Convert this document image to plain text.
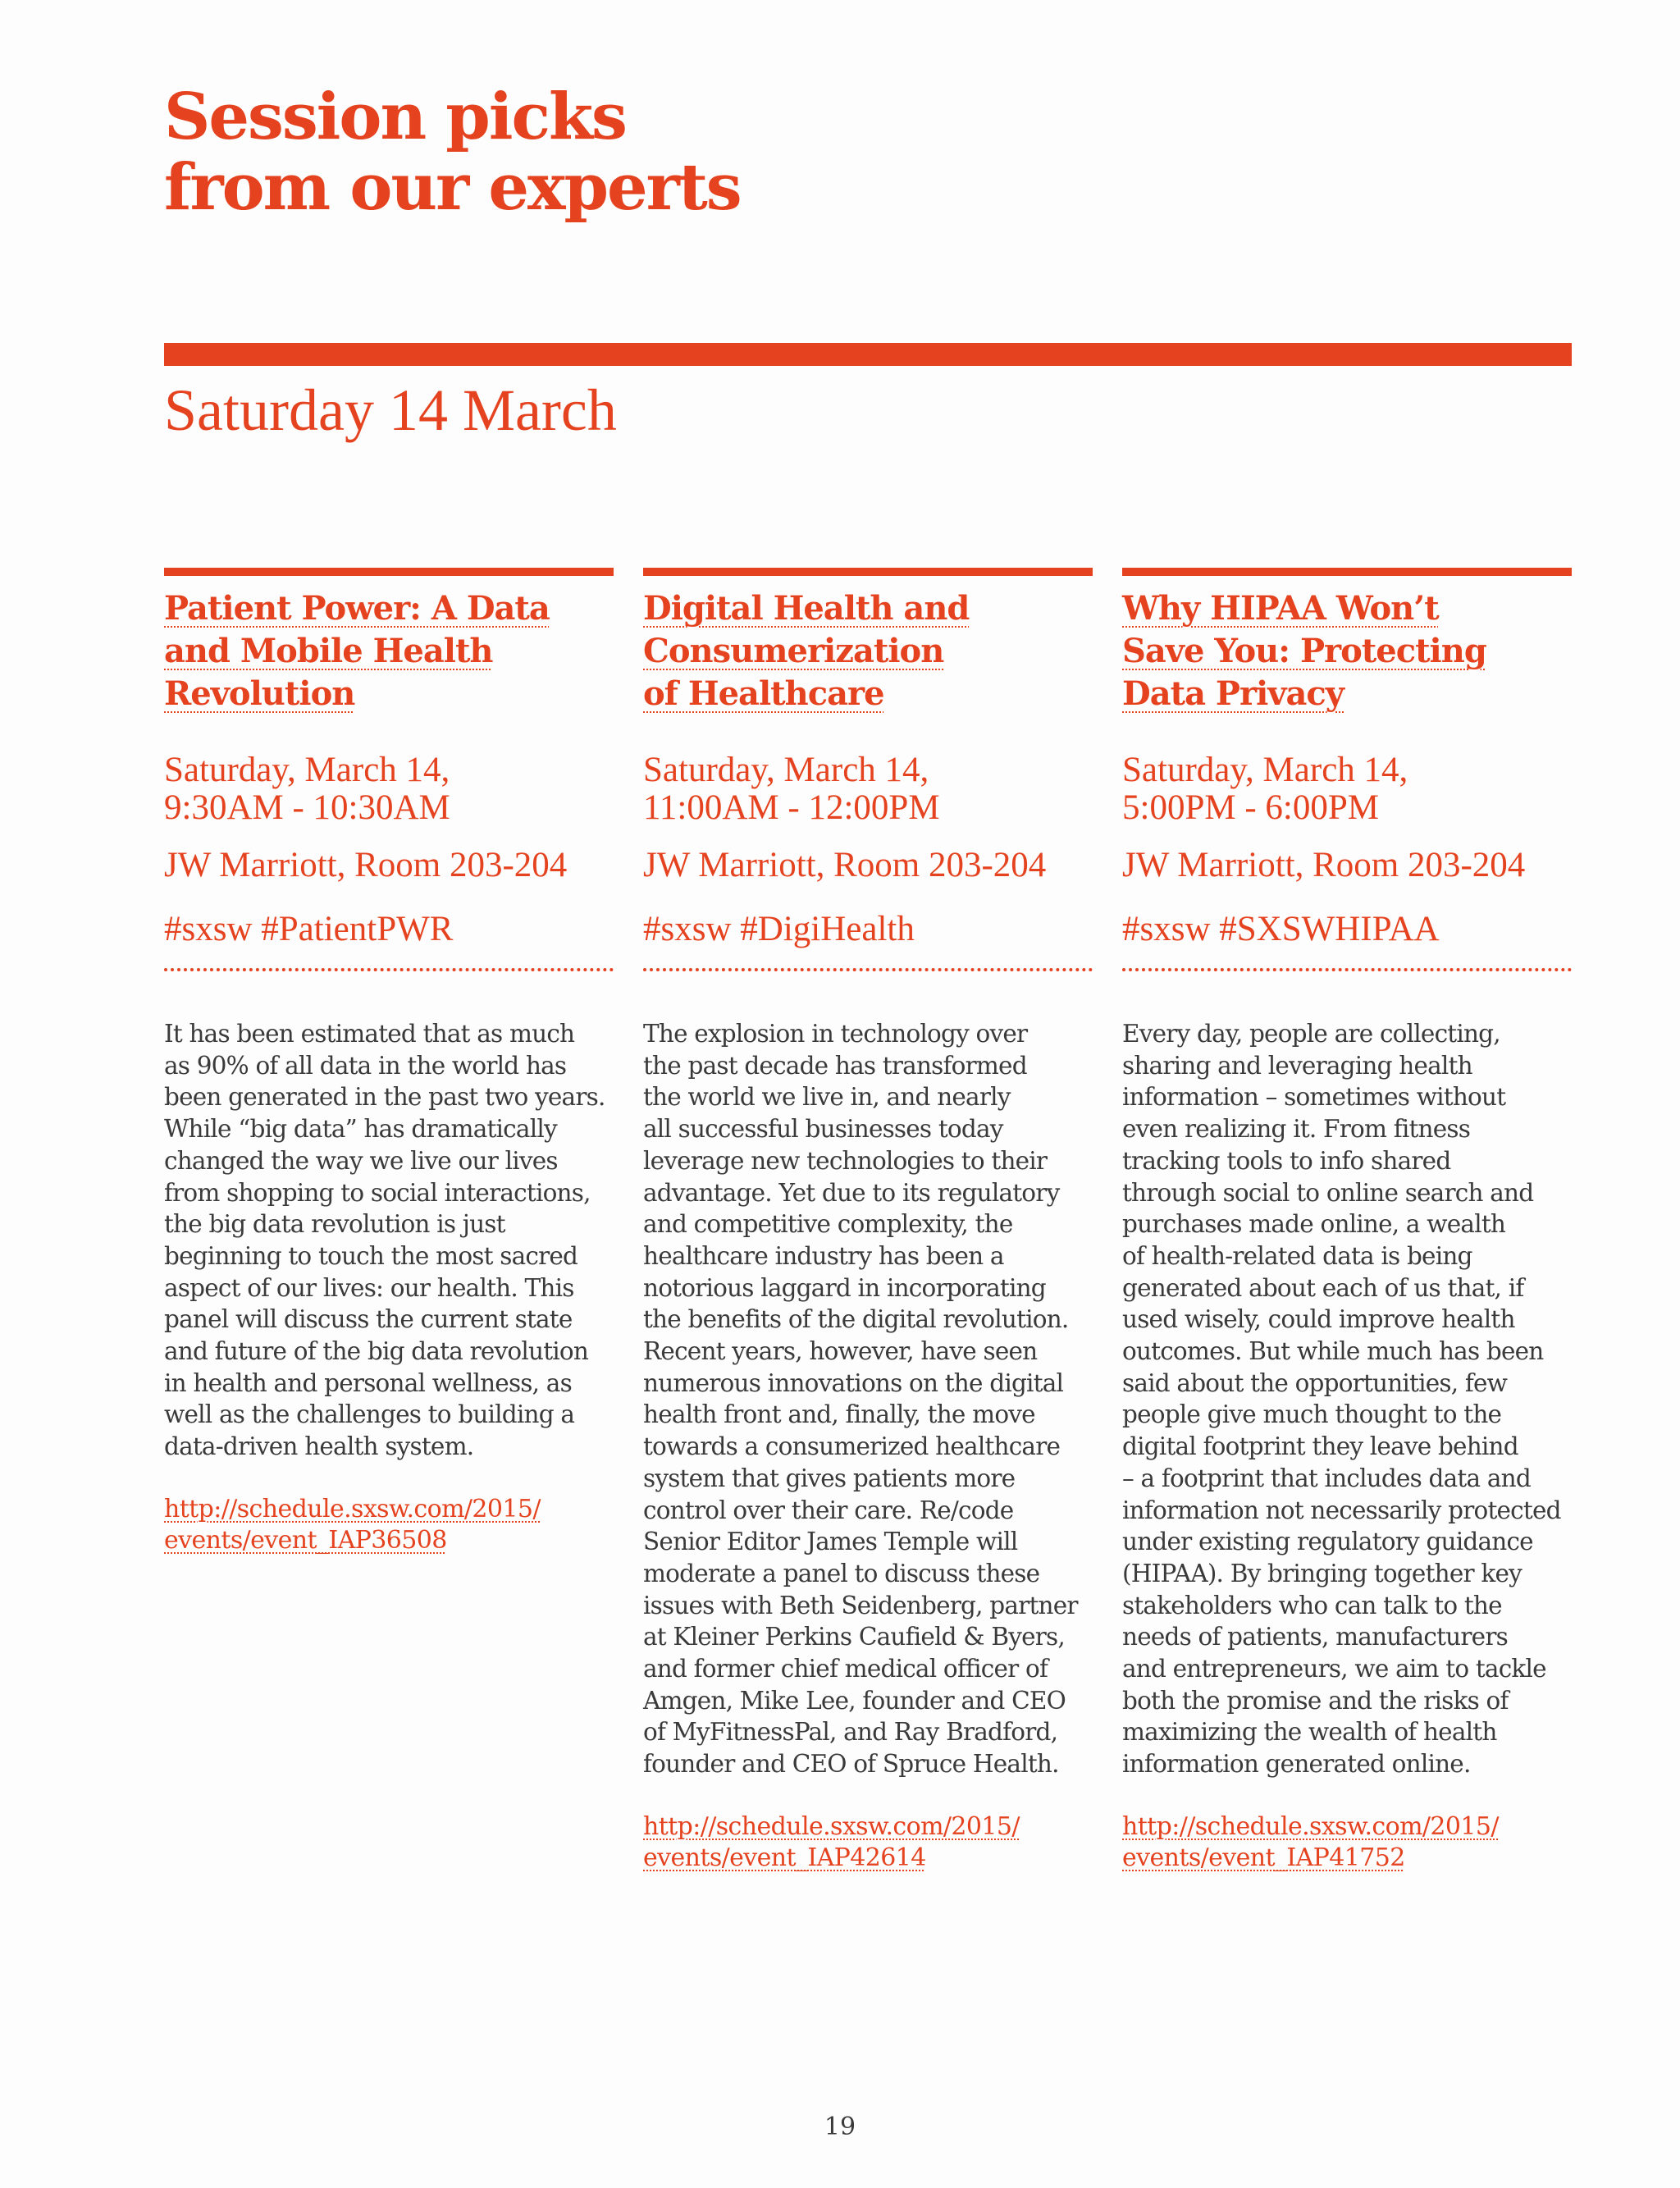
Session picks
from our experts
Saturday 14 March
Patient Power: A Data
and Mobile Health
Revolution
Saturday, March 14,
9:30AM - 10:30AM
JW Marriott, Room 203-204
#sxsw #PatientPWR

It has been estimated that as much
as 90% of all data in the world has
been generated in the past two years.
While “big data” has dramatically
changed the way we live our lives
from shopping to social interactions,
the big data revolution is just
beginning to touch the most sacred
aspect of our lives: our health. This
panel will discuss the current state
and future of the big data revolution
in health and personal wellness, as
well as the challenges to building a
data-driven health system.

http://schedule.sxsw.com/2015/
events/event_IAP36508
Digital Health and
Consumerization
of Healthcare
Saturday, March 14,
11:00AM - 12:00PM
JW Marriott, Room 203-204
#sxsw #DigiHealth

The explosion in technology over
the past decade has transformed
the world we live in, and nearly
all successful businesses today
leverage new technologies to their
advantage. Yet due to its regulatory
and competitive complexity, the
healthcare industry has been a
notorious laggard in incorporating
the benefits of the digital revolution.
Recent years, however, have seen
numerous innovations on the digital
health front and, finally, the move
towards a consumerized healthcare
system that gives patients more
control over their care. Re/code
Senior Editor James Temple will
moderate a panel to discuss these
issues with Beth Seidenberg, partner
at Kleiner Perkins Caufield & Byers,
and former chief medical officer of
Amgen, Mike Lee, founder and CEO
of MyFitnessPal, and Ray Bradford,
founder and CEO of Spruce Health.

http://schedule.sxsw.com/2015/
events/event_IAP42614
Why HIPAA Won’t
Save You: Protecting
Data Privacy
Saturday, March 14,
5:00PM - 6:00PM
JW Marriott, Room 203-204
#sxsw #SXSWHIPAA

Every day, people are collecting,
sharing and leveraging health
information – sometimes without
even realizing it. From fitness
tracking tools to info shared
through social to online search and
purchases made online, a wealth
of health-related data is being
generated about each of us that, if
used wisely, could improve health
outcomes. But while much has been
said about the opportunities, few
people give much thought to the
digital footprint they leave behind
– a footprint that includes data and
information not necessarily protected
under existing regulatory guidance
(HIPAA). By bringing together key
stakeholders who can talk to the
needs of patients, manufacturers
and entrepreneurs, we aim to tackle
both the promise and the risks of
maximizing the wealth of health
information generated online.

http://schedule.sxsw.com/2015/
events/event_IAP41752
19
